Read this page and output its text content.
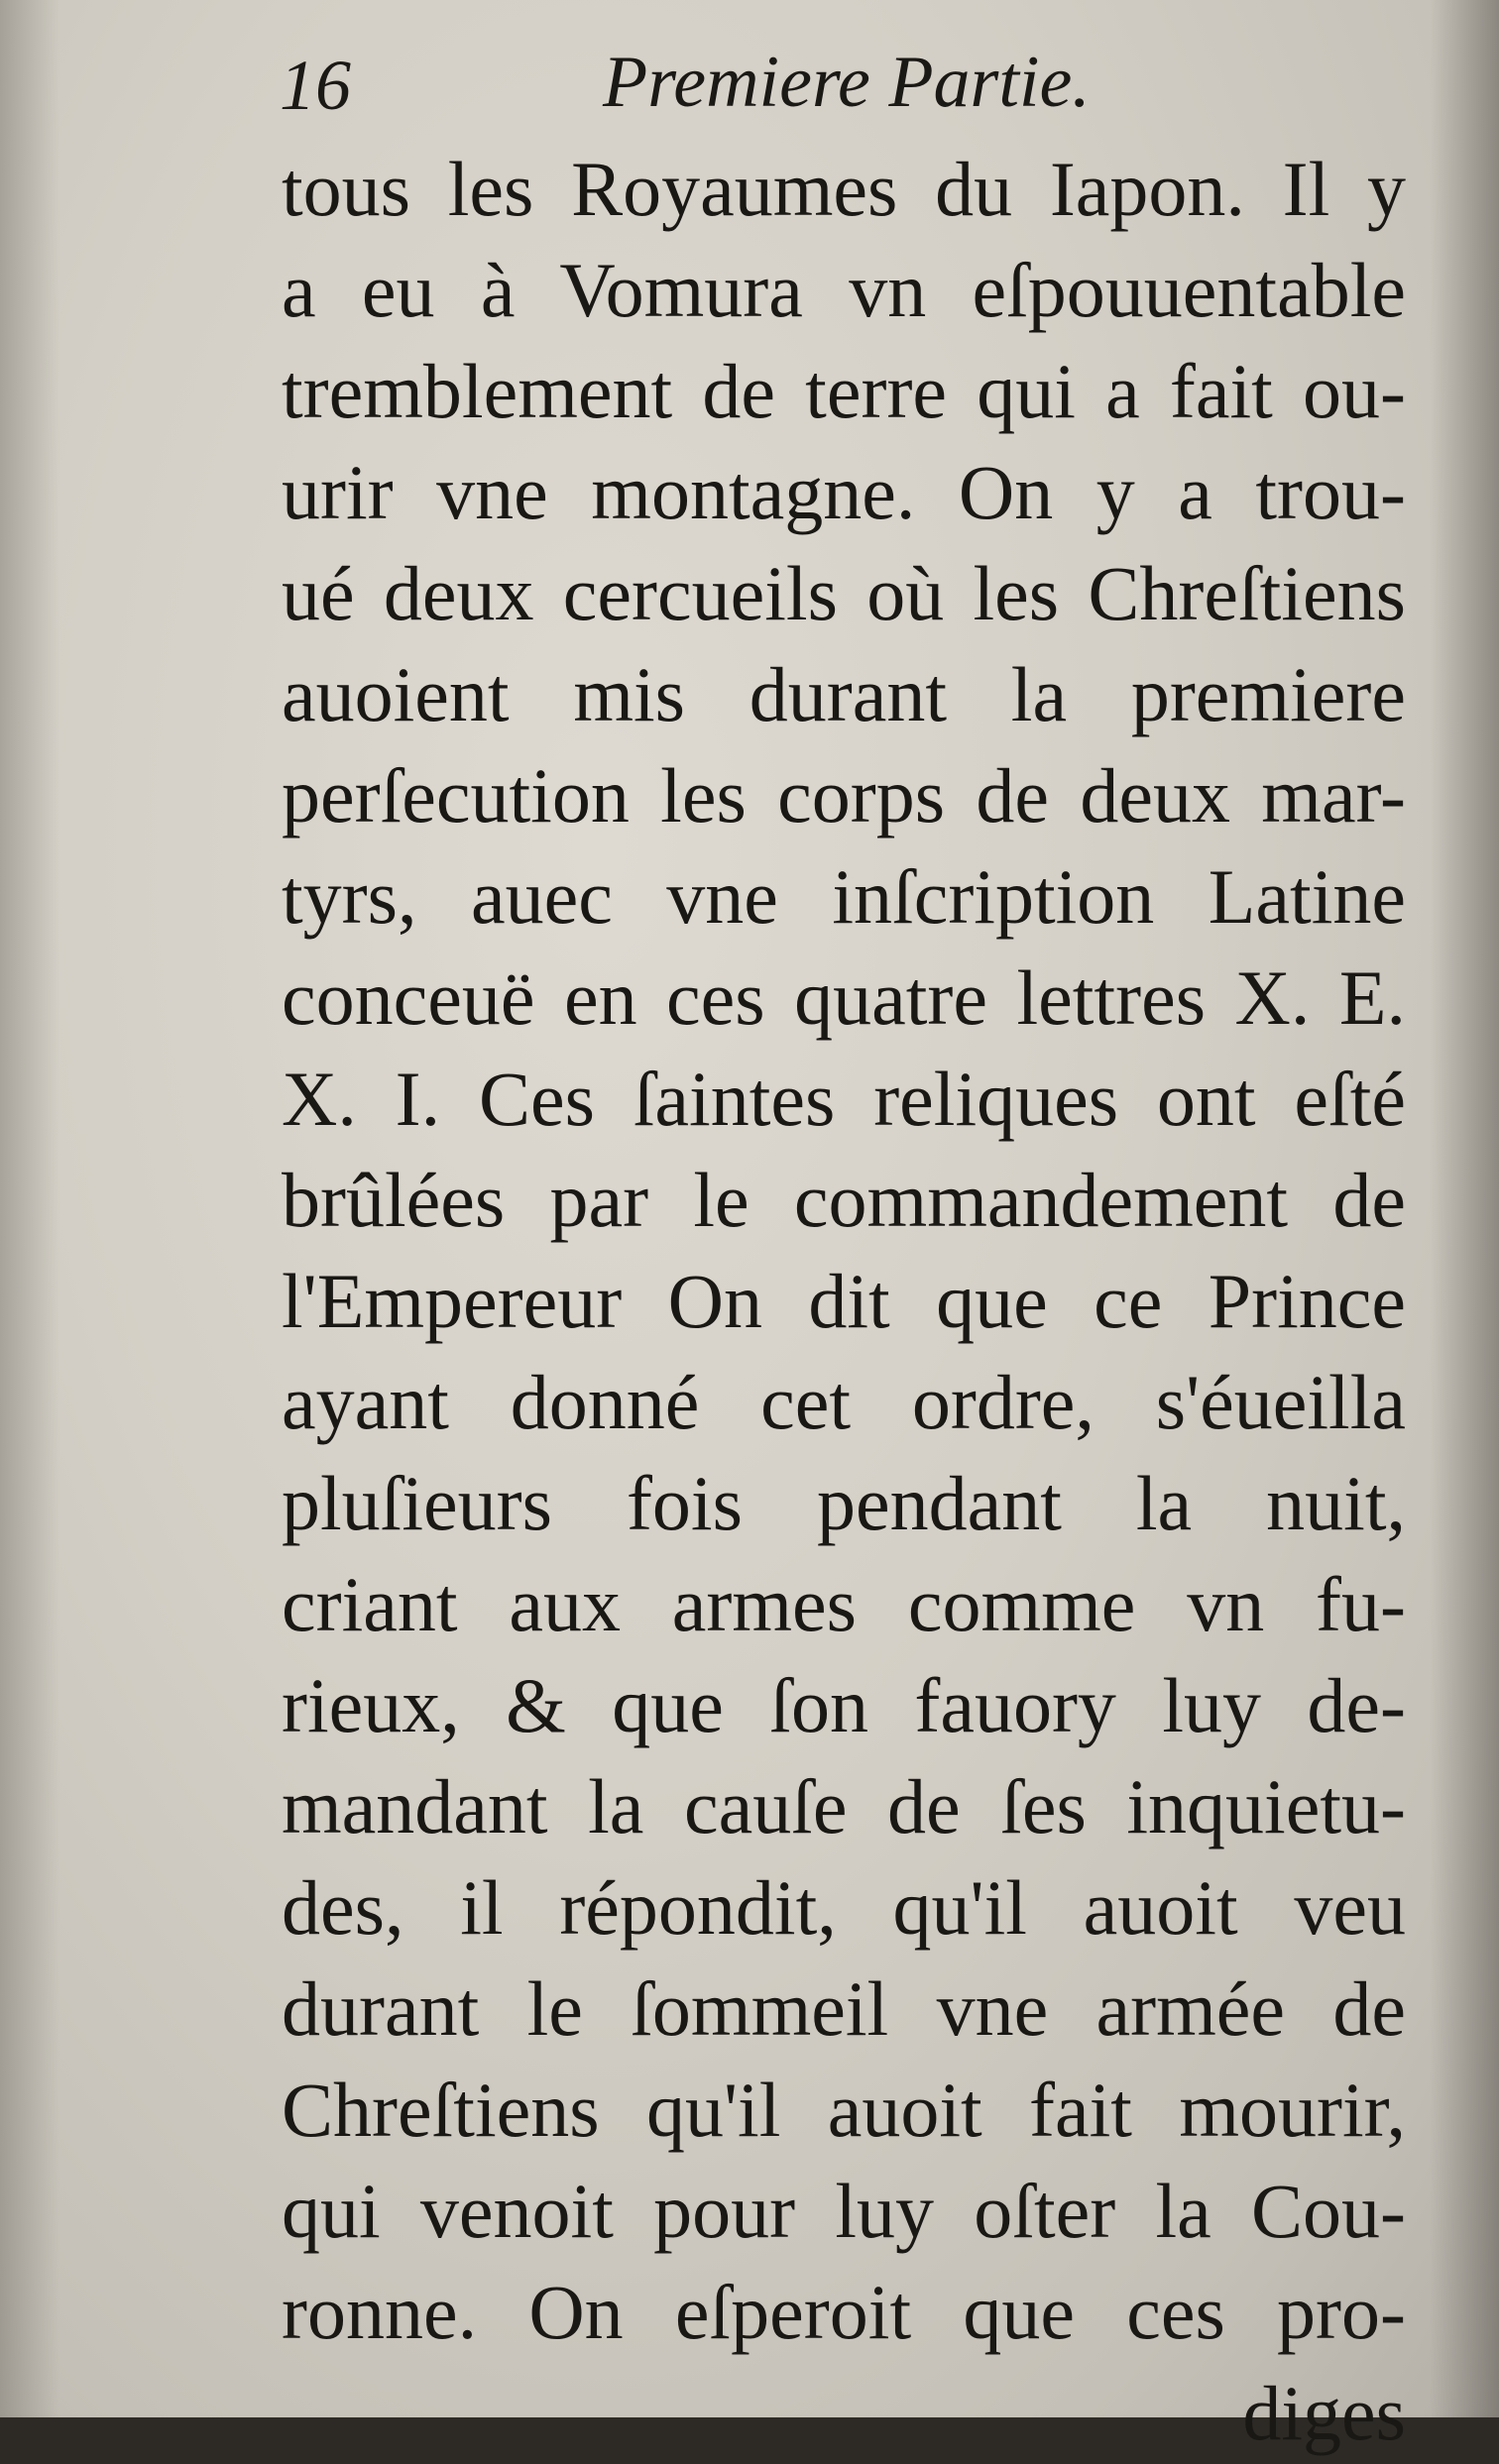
16	Premiere Partie.
tous les Royaumes du Iapon. Il y
a eu à Vomura vn eſpouuentable
tremblement de terre qui a fait ou-
urir vne montagne. On y a trou-
ué deux cercueils où les Chreſtiens
auoient mis durant la premiere
perſecution les corps de deux mar-
tyrs, auec vne inſcription Latine
conceuë en ces quatre lettres X. E.
X. I. Ces ſaintes reliques ont eſté
brûlées par le commandement de
l'Empereur On dit que ce Prince
ayant donné cet ordre, s'éueilla
pluſieurs fois pendant la nuit,
criant aux armes comme vn fu-
rieux, & que ſon fauory luy de-
mandant la cauſe de ſes inquietu-
des, il répondit, qu'il auoit veu
durant le ſommeil vne armée de
Chreſtiens qu'il auoit fait mourir,
qui venoit pour luy oſter la Cou-
ronne. On eſperoit que ces pro-
diges
